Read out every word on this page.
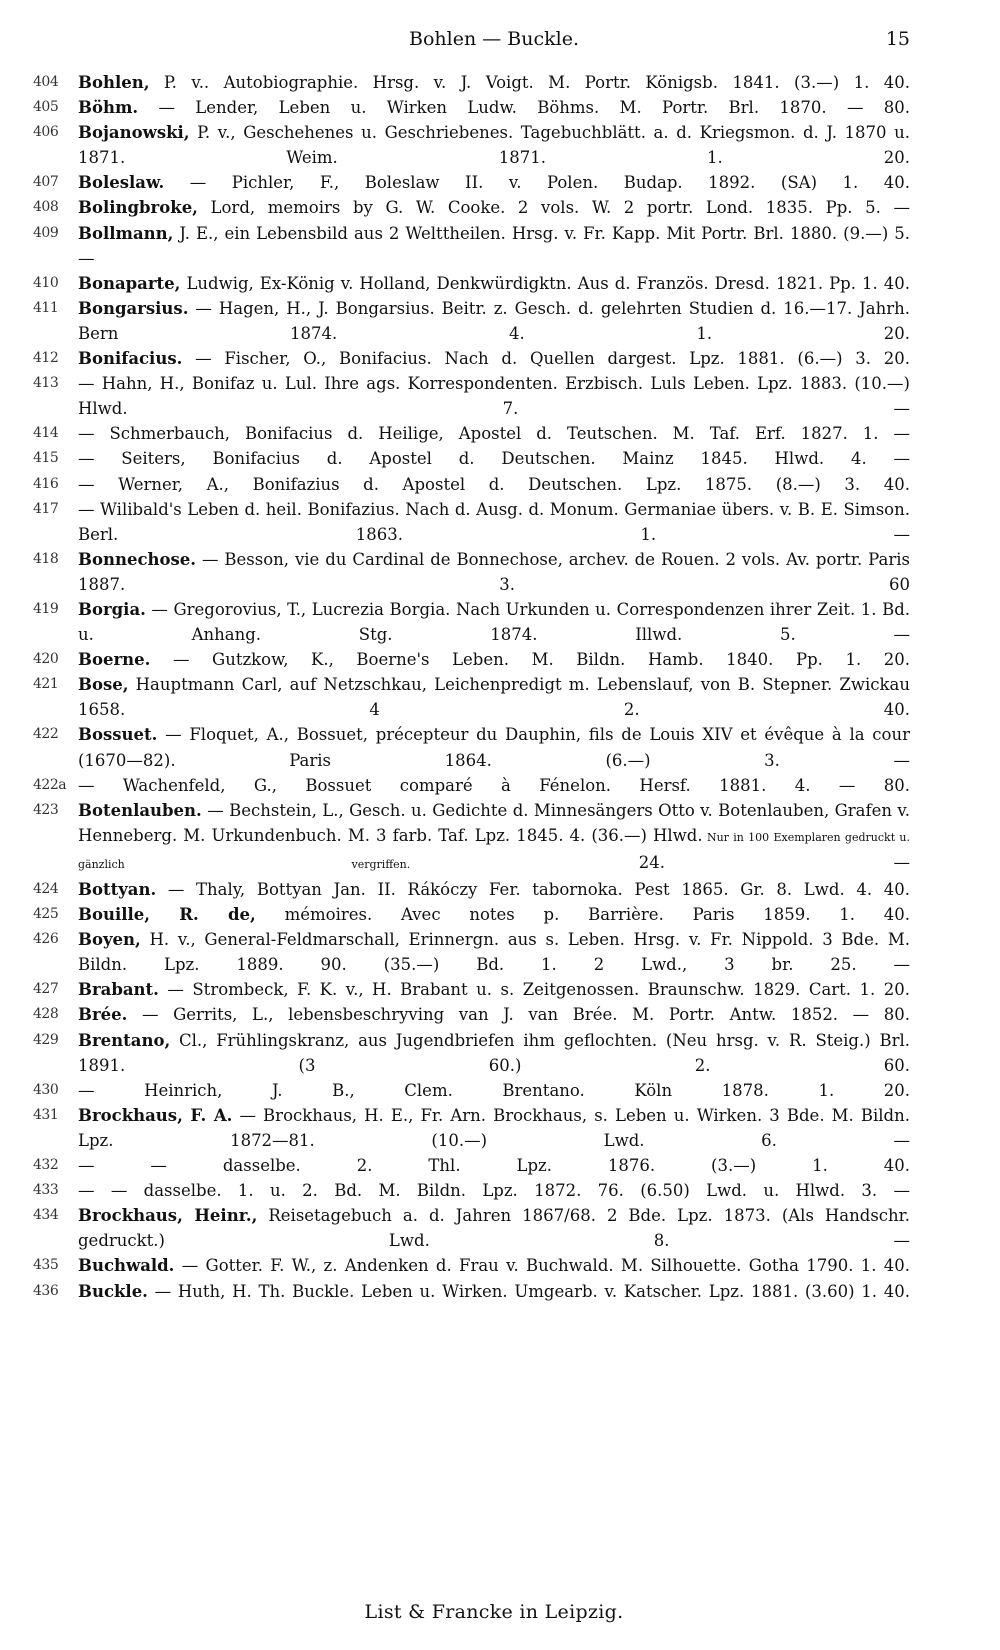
Bohlen — Buckle.	15

404	Bohlen, P. v.. Autobiographie. Hrsg. v. J. Voigt. M. Portr. Königsb. 1841. (3.—) 1. 40.

405	Böhm. — Lender, Leben u. Wirken Ludw. Böhms. M. Portr. Brl. 1870. — 80.

406	Bojanowski, P. v., Geschehenes u. Geschriebenes. Tagebuchblätt. a. d. Kriegsmon. d. J. 1870 u. 1871. Weim. 1871. 1. 20.

407	Boleslaw. — Pichler, F., Boleslaw II. v. Polen. Budap. 1892. (SA) 1. 40.

408	Bolingbroke, Lord, memoirs by G. W. Cooke. 2 vols. W. 2 portr. Lond. 1835. Pp. 5. —

409	Bollmann, J. E., ein Lebensbild aus 2 Welttheilen. Hrsg. v. Fr. Kapp. Mit Portr. Brl. 1880. (9.—) 5. —

410	Bonaparte, Ludwig, Ex-König v. Holland, Denkwürdigktn. Aus d. Französ. Dresd. 1821. Pp. 1. 40.

411	Bongarsius. — Hagen, H., J. Bongarsius. Beitr. z. Gesch. d. gelehrten Studien d. 16.—17. Jahrh. Bern 1874. 4. 1. 20.

412	Bonifacius. — Fischer, O., Bonifacius. Nach d. Quellen dargest. Lpz. 1881. (6.—) 3. 20.

413	— Hahn, H., Bonifaz u. Lul. Ihre ags. Korrespondenten. Erzbisch. Luls Leben. Lpz. 1883. (10.—) Hlwd. 7. —

414	— Schmerbauch, Bonifacius d. Heilige, Apostel d. Teutschen. M. Taf. Erf. 1827. 1. —

415	— Seiters, Bonifacius d. Apostel d. Deutschen. Mainz 1845. Hlwd. 4. —

416	— Werner, A., Bonifazius d. Apostel d. Deutschen. Lpz. 1875. (8.—) 3. 40.

417	— Wilibald's Leben d. heil. Bonifazius. Nach d. Ausg. d. Monum. Germaniae übers. v. B. E. Simson. Berl. 1863. 1. —

418	Bonnechose. — Besson, vie du Cardinal de Bonnechose, archev. de Rouen. 2 vols. Av. portr. Paris 1887. 3. 60

419	Borgia. — Gregorovius, T., Lucrezia Borgia. Nach Urkunden u. Correspondenzen ihrer Zeit. 1. Bd. u. Anhang. Stg. 1874. Illwd. 5. —

420	Boerne. — Gutzkow, K., Boerne's Leben. M. Bildn. Hamb. 1840. Pp. 1. 20.

421	Bose, Hauptmann Carl, auf Netzschkau, Leichenpredigt m. Lebenslauf, von B. Stepner. Zwickau 1658. 4 2. 40.

422	Bossuet. — Floquet, A., Bossuet, précepteur du Dauphin, fils de Louis XIV et évêque à la cour (1670—82). Paris 1864. (6.—) 3. —

422a — Wachenfeld, G., Bossuet comparé à Fénelon. Hersf. 1881. 4. — 80.

423	Botenlauben. — Bechstein, L., Gesch. u. Gedichte d. Minnesängers Otto v. Botenlauben, Grafen v. Henneberg. M. Urkundenbuch. M. 3 farb. Taf. Lpz. 1845. 4. (36.—) Hlwd. Nur in 100 Exemplaren gedruckt u. gänzlich vergriffen. 24. —

424	Bottyan. — Thaly, Bottyan Jan. II. Rákóczy Fer. tabornoka. Pest 1865. Gr. 8. Lwd. 4. 40.

425	Bouille, R. de, mémoires. Avec notes p. Barrière. Paris 1859. 1. 40.

426	Boyen, H. v., General-Feldmarschall, Erinnergn. aus s. Leben. Hrsg. v. Fr. Nippold. 3 Bde. M. Bildn. Lpz. 1889. 90. (35.—) Bd. 1. 2 Lwd., 3 br. 25. —

427	Brabant. — Strombeck, F. K. v., H. Brabant u. s. Zeitgenossen. Braunschw. 1829. Cart. 1. 20.

428	Brée. — Gerrits, L., lebensbeschryving van J. van Brée. M. Portr. Antw. 1852. — 80.

429	Brentano, Cl., Frühlingskranz, aus Jugendbriefen ihm geflochten. (Neu hrsg. v. R. Steig.) Brl. 1891. (3 60.) 2. 60.

430	— Heinrich, J. B., Clem. Brentano. Köln 1878. 1. 20.

431	Brockhaus, F. A. — Brockhaus, H. E., Fr. Arn. Brockhaus, s. Leben u. Wirken. 3 Bde. M. Bildn. Lpz. 1872—81. (10.—) Lwd. 6. —

432	— — dasselbe. 2. Thl. Lpz. 1876. (3.—) 1. 40.

433	— — dasselbe. 1. u. 2. Bd. M. Bildn. Lpz. 1872. 76. (6.50) Lwd. u. Hlwd. 3. —

434	Brockhaus, Heinr., Reisetagebuch a. d. Jahren 1867/68. 2 Bde. Lpz. 1873. (Als Handschr. gedruckt.) Lwd. 8. —

435	Buchwald. — Gotter. F. W., z. Andenken d. Frau v. Buchwald. M. Silhouette. Gotha 1790. 1. 40.

436	Buckle. — Huth, H. Th. Buckle. Leben u. Wirken. Umgearb. v. Katscher. Lpz. 1881. (3.60) 1. 40.

List & Francke in Leipzig.
